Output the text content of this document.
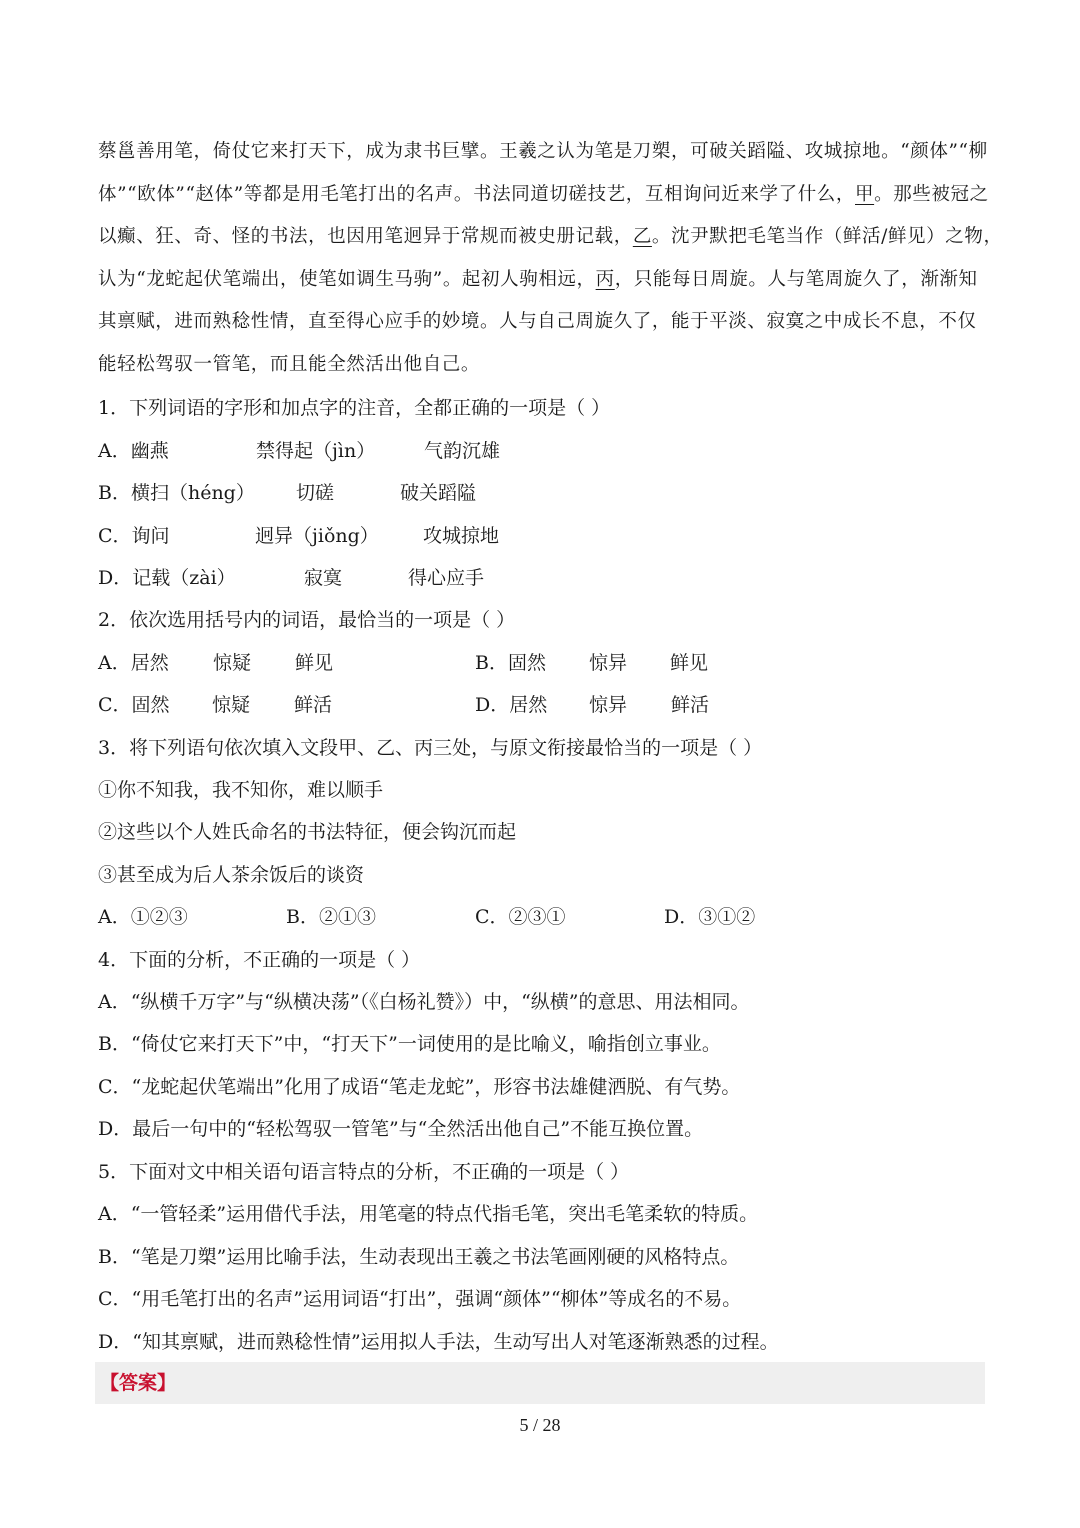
蔡邕善用笔，倚仗它来打天下，成为隶书巨擘。王羲之认为笔是刀槊，可破关蹈隘、攻城掠地。“颜体”“柳
体”“欧体”“赵体”等都是用毛笔打出的名声。书法同道切磋技艺，互相询问近来学了什么，甲。那些被冠之
以癫、狂、奇、怪的书法，也因用笔迥异于常规而被史册记载，乙。沈尹默把毛笔当作（鲜活/鲜见）之物，
认为“龙蛇起伏笔端出，使笔如调生马驹”。起初人驹相远，丙，只能每日周旋。人与笔周旋久了，渐渐知
其禀赋，进而熟稔性情，直至得心应手的妙境。人与自己周旋久了，能于平淡、寂寞之中成长不息，不仅
能轻松驾驭一管笔，而且能全然活出他自己。
1．下列词语的字形和加点字的注音，全都正确的一项是（ ）
A．幽燕	禁得起（jìn）	气韵沉雄
B．横扫（héng） 切磋	破关蹈隘
C．询问	迥异（jiǒng） 攻城掠地
D．记载（zài）	寂寞	得心应手
2．依次选用括号内的词语，最恰当的一项是（ ）
A．居然 惊疑 鲜见	B．固然 惊异 鲜见
C．固然 惊疑 鲜活	D．居然 惊异 鲜活
3．将下列语句依次填入文段甲、乙、丙三处，与原文衔接最恰当的一项是（ ）
①你不知我，我不知你，难以顺手
②这些以个人姓氏命名的书法特征，便会钩沉而起
③甚至成为后人茶余饭后的谈资
A．①②③	B．②①③	C．②③①	D．③①②
4．下面的分析，不正确的一项是（ ）
A．“纵横千万字”与“纵横决荡”（《白杨礼赞》）中，“纵横”的意思、用法相同。
B．“倚仗它来打天下”中，“打天下”一词使用的是比喻义，喻指创立事业。
C．“龙蛇起伏笔端出”化用了成语“笔走龙蛇”，形容书法雄健洒脱、有气势。
D．最后一句中的“轻松驾驭一管笔”与“全然活出他自己”不能互换位置。
5．下面对文中相关语句语言特点的分析，不正确的一项是（ ）
A．“一管轻柔”运用借代手法，用笔毫的特点代指毛笔，突出毛笔柔软的特质。
B．“笔是刀槊”运用比喻手法，生动表现出王羲之书法笔画刚硬的风格特点。
C．“用毛笔打出的名声”运用词语“打出”，强调“颜体”“柳体”等成名的不易。
D．“知其禀赋，进而熟稔性情”运用拟人手法，生动写出人对笔逐渐熟悉的过程。
【答案】
5 / 28
